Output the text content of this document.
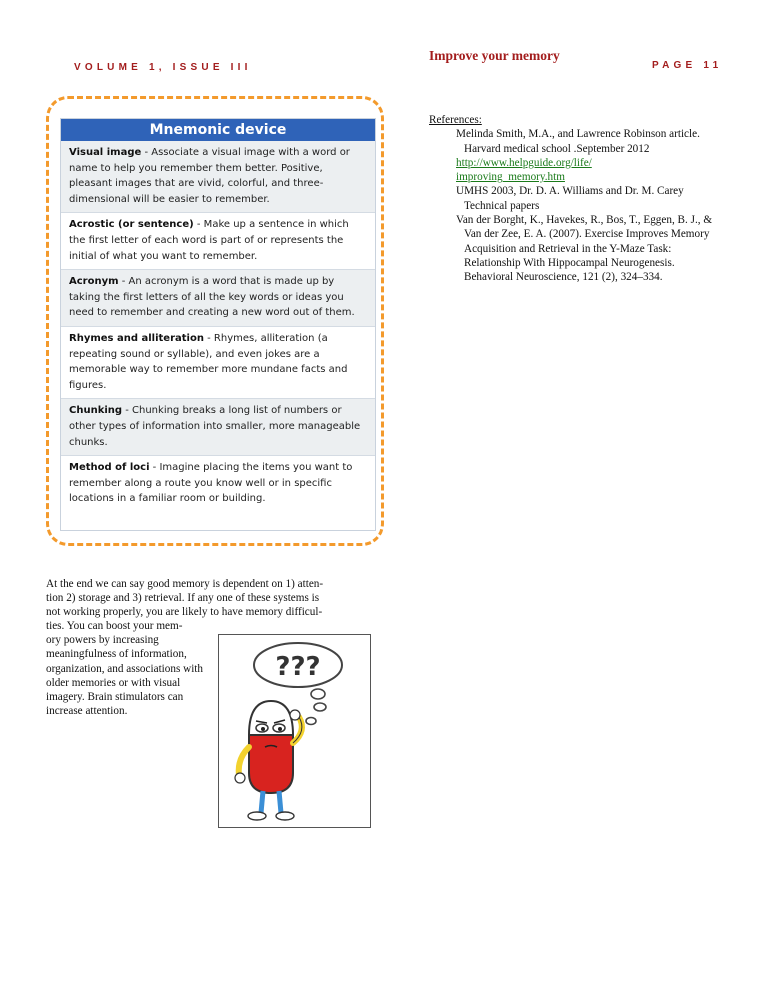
VOLUME 1, ISSUE III
Improve your memory
PAGE 11
Mnemonic device
Visual image - Associate a visual image with a word or name to help you remember them better. Positive, pleasant images that are vivid, colorful, and three-dimensional will be easier to remember.
Acrostic (or sentence) - Make up a sentence in which the first letter of each word is part of or represents the initial of what you want to remember.
Acronym - An acronym is a word that is made up by taking the first letters of all the key words or ideas you need to remember and creating a new word out of them.
Rhymes and alliteration - Rhymes, alliteration (a repeating sound or syllable), and even jokes are a memorable way to remember more mundane facts and figures.
Chunking - Chunking breaks a long list of numbers or other types of information into smaller, more manageable chunks.
Method of loci - Imagine placing the items you want to remember along a route you know well or in specific locations in a familiar room or building.
At the end we can say good memory is dependent on 1) atten-
tion 2) storage and 3) retrieval. If any one of these systems is
not working properly, you are likely to have memory difficul-
ties. You can boost your mem-
ory powers by increasing meaningfulness of information, organization, and associations with older memories or with visual imagery. Brain stimulators can increase attention.
???
References:
Melinda Smith, M.A., and Lawrence Robinson article. Harvard medical school .September 2012
http://www.helpguide.org/life/
improving_memory.htm
UMHS 2003, Dr. D. A. Williams and Dr. M. Carey Technical papers
Van der Borght, K., Havekes, R., Bos, T., Eggen, B. J., & Van der Zee, E. A. (2007). Exercise Improves Memory Acquisition and Retrieval in the Y-Maze Task: Relationship With Hippocampal Neurogenesis. Behavioral Neuroscience, 121 (2), 324–334.
